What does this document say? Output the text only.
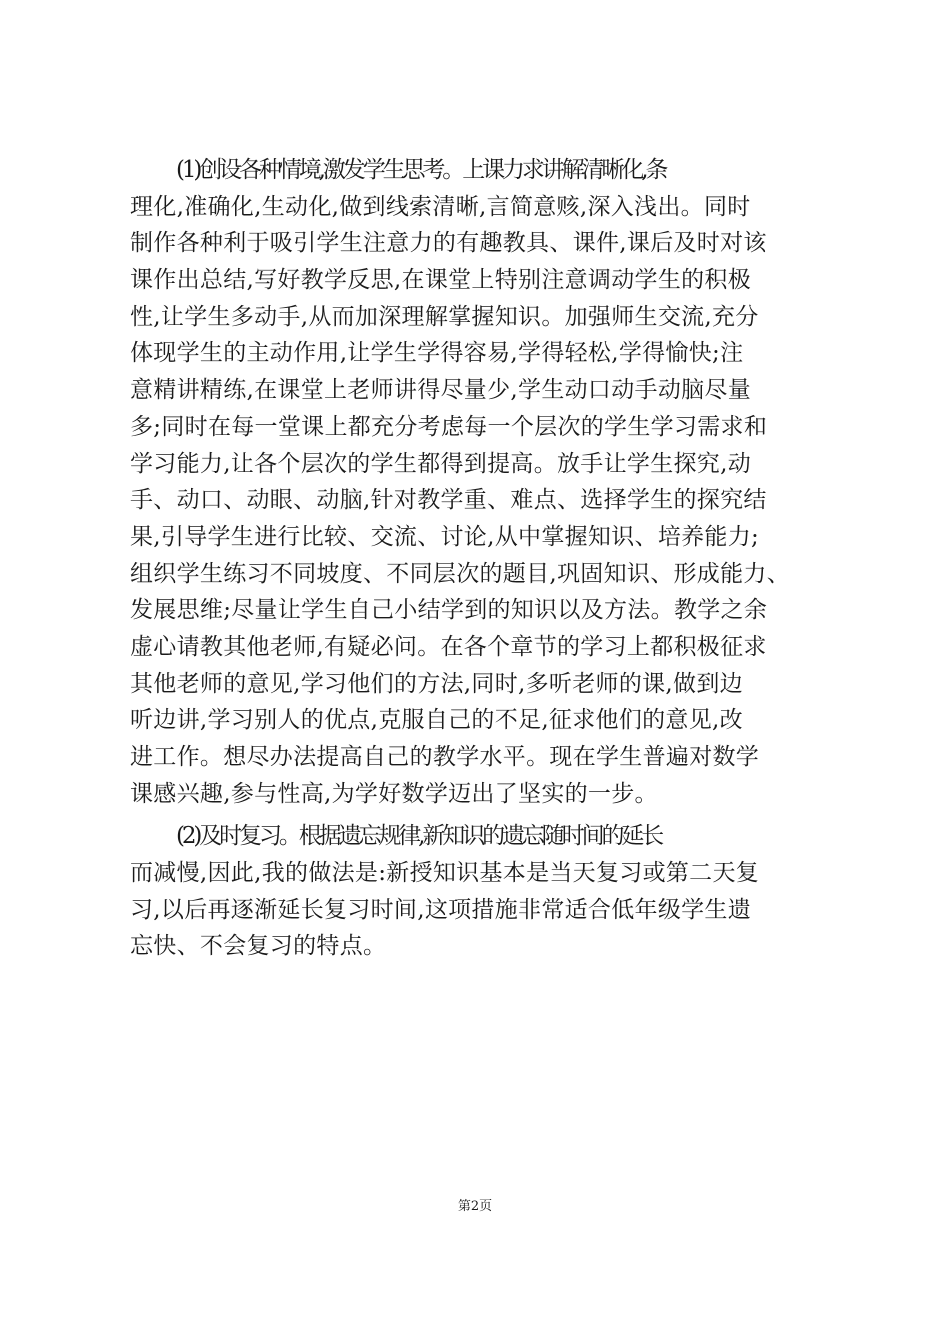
(1)创设各种情境,激发学生思考。上课力求讲解清晰化,条
理化,准确化,生动化,做到线索清晰,言简意赅,深入浅出。同时
制作各种利于吸引学生注意力的有趣教具、课件,课后及时对该
课作出总结,写好教学反思,在课堂上特别注意调动学生的积极
性,让学生多动手,从而加深理解掌握知识。加强师生交流,充分
体现学生的主动作用,让学生学得容易,学得轻松,学得愉快;注
意精讲精练,在课堂上老师讲得尽量少,学生动口动手动脑尽量
多;同时在每一堂课上都充分考虑每一个层次的学生学习需求和
学习能力,让各个层次的学生都得到提高。放手让学生探究,动
手、动口、动眼、动脑,针对教学重、难点、选择学生的探究结
果,引导学生进行比较、交流、讨论,从中掌握知识、培养能力;
组织学生练习不同坡度、不同层次的题目,巩固知识、形成能力、
发展思维;尽量让学生自己小结学到的知识以及方法。教学之余
虚心请教其他老师,有疑必问。在各个章节的学习上都积极征求
其他老师的意见,学习他们的方法,同时,多听老师的课,做到边
听边讲,学习别人的优点,克服自己的不足,征求他们的意见,改
进工作。想尽办法提高自己的教学水平。现在学生普遍对数学
课感兴趣,参与性高,为学好数学迈出了坚实的一步。

(2)及时复习。根据遗忘规律,新知识的遗忘随时间的延长
而减慢,因此,我的做法是:新授知识基本是当天复习或第二天复
习,以后再逐渐延长复习时间,这项措施非常适合低年级学生遗
忘快、不会复习的特点。

第2页
